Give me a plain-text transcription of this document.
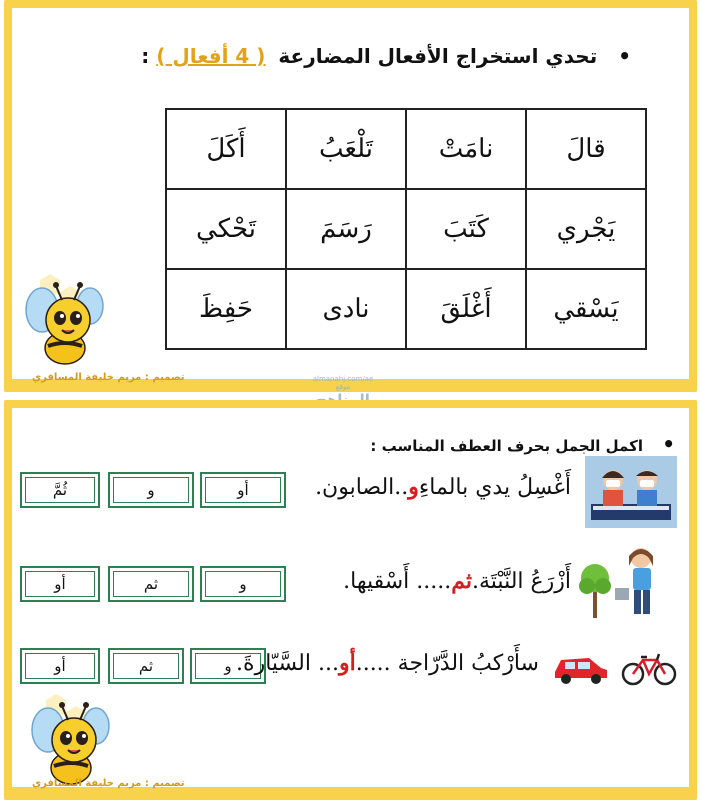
• تحدي استخراج الأفعال المضارعة ( 4 أفعال ) :
قالَ	نامَتْ	تَلْعَبُ	أَكَلَ
يَجْري	كَتَبَ	رَسَمَ	تَحْكي
يَسْقي	أَغْلَقَ	نادى	حَفِظَ
تصميم : مريم خليفة المسافري	almanahj.com/ae
موقع
• اكمل الجمل بحرف العطف المناسب :
ثُمَّ	و	أو	أَغْسِلُ يدي بالماءِو..الصابون.
أو	ثم	و	أَزْرَعُ النَّبْتَة.ثم..... أَسْقيها.
أو	ثم	و	سأَرْكبُ الدَّرّاجة .....أو... السَّيّارةَ.
تصميم : مريم خليفة المسافري
